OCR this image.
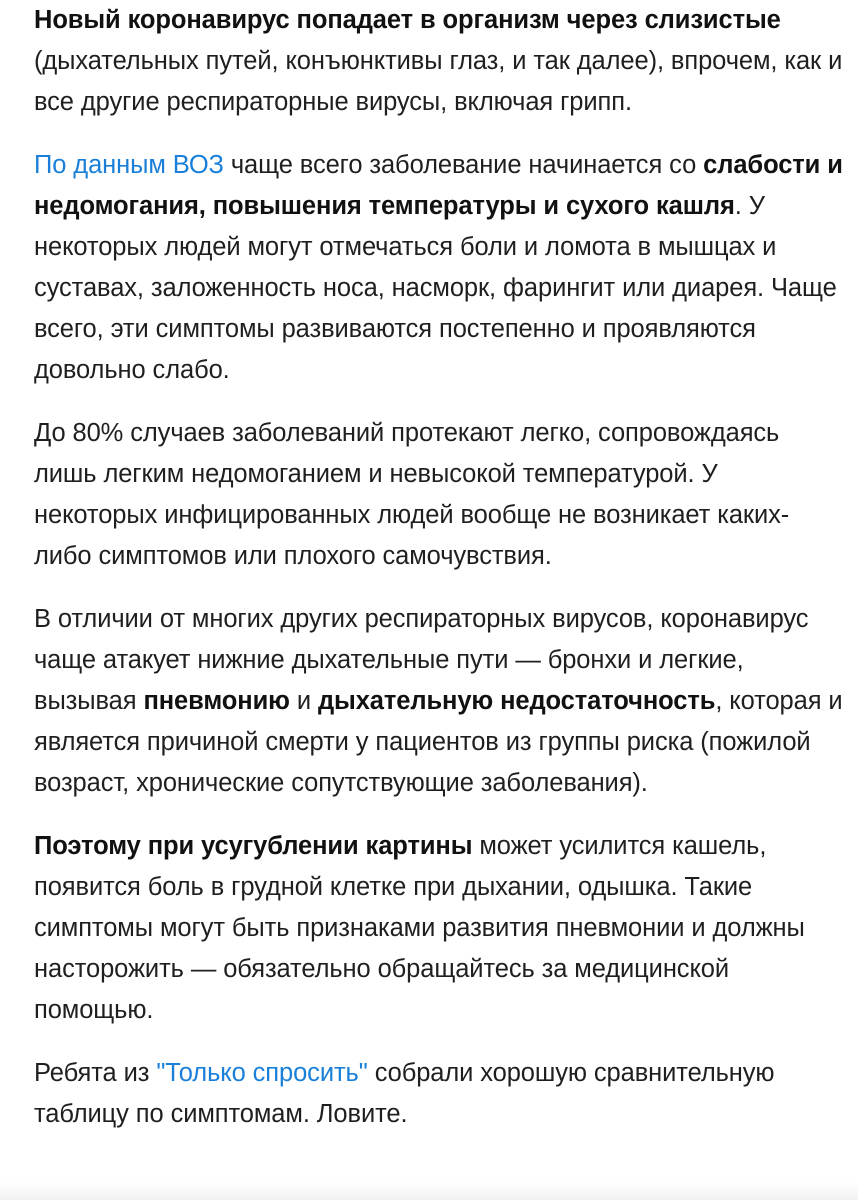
Новый коронавирус попадает в организм через слизистые (дыхательных путей, конъюнктивы глаз, и так далее), впрочем, как и все другие респираторные вирусы, включая грипп.

По данным ВОЗ чаще всего заболевание начинается со слабости и недомогания, повышения температуры и сухого кашля. У некоторых людей могут отмечаться боли и ломота в мышцах и суставах, заложенность носа, насморк, фарингит или диарея. Чаще всего, эти симптомы развиваются постепенно и проявляются довольно слабо.

До 80% случаев заболеваний протекают легко, сопровождаясь лишь легким недомоганием и невысокой температурой. У некоторых инфицированных людей вообще не возникает каких-либо симптомов или плохого самочувствия.

В отличии от многих других респираторных вирусов, коронавирус чаще атакует нижние дыхательные пути — бронхи и легкие, вызывая пневмонию и дыхательную недостаточность, которая и является причиной смерти у пациентов из группы риска (пожилой возраст, хронические сопутствующие заболевания).

Поэтому при усугублении картины может усилится кашель, появится боль в грудной клетке при дыхании, одышка. Такие симптомы могут быть признаками развития пневмонии и должны насторожить — обязательно обращайтесь за медицинской помощью.

Ребята из "Только спросить" собрали хорошую сравнительную таблицу по симптомам. Ловите.
